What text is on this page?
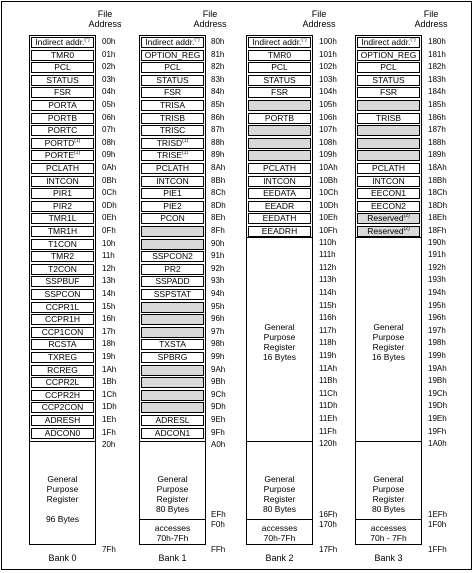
File
Address
Indirect addr.(*)	00h
TMR0	01h
PCL	02h
STATUS	03h
FSR	04h
PORTA	05h
PORTB	06h
PORTC	07h
PORTD$^{(1)}$	08h
PORTE$^{(1)}$	09h
PCLATH	0Ah
INTCON	0Bh
PIR1	0Ch
PIR2	0Dh
TMR1L	0Eh
TMR1H	0Fh
T1CON	10h
TMR2	11h
T2CON	12h
SSPBUF	13h
SSPCON	14h
CCPR1L	15h
CCPR1H	16h
CCP1CON	17h
RCSTA	18h
TXREG	19h
RCREG	1Ah
CCPR2L	1Bh
CCPR2H	1Ch
CCP2CON	1Dh
ADRESH	1Eh
ADCON0	1Fh
20h
General
Purpose
Register

96 Bytes
7Fh
Bank 0
File
Address
Indirect addr.(*)	80h
OPTION_REG	81h
PCL	82h
STATUS	83h
FSR	84h
TRISA	85h
TRISB	86h
TRISC	87h
TRISD$^{(1)}$	88h
TRISE$^{(1)}$	89h
PCLATH	8Ah
INTCON	8Bh
PIE1	8Ch
PIE2	8Dh
PCON	8Eh
8Fh
90h
SSPCON2	91h
PR2	92h
SSPADD	93h
SSPSTAT	94h
95h
96h
97h
TXSTA	98h
SPBRG	99h
9Ah
9Bh
9Ch
9Dh
ADRESL	9Eh
ADCON1	9Fh
A0h
General
Purpose
Register
80 Bytes
EFh
F0h
accesses
70h-7Fh
FFh
Bank 1
File
Address
Indirect addr.(*)	100h
TMR0	101h
PCL	102h
STATUS	103h
FSR	104h
105h
PORTB	106h
107h
108h
109h
PCLATH	10Ah
INTCON	10Bh
EEDATA	10Ch
EEADR	10Dh
EEDATH	10Eh
EEADRH	10Fh
110h
111h
112h
113h
114h
115h
116h
117h
118h
119h
11Ah
11Bh
11Ch
11Dh
11Eh
11Fh
120h
General
Purpose
Register
16 Bytes
General
Purpose
Register
80 Bytes
16Fh
170h
accesses
70h-7Fh
17Fh
Bank 2
File
Address
Indirect addr.(*)	180h
OPTION_REG	181h
PCL	182h
STATUS	183h
FSR	184h
185h
TRISB	186h
187h
188h
189h
PCLATH	18Ah
INTCON	18Bh
EECON1	18Ch
EECON2	18Dh
Reserved$^{(2)}$	18Eh
Reserved$^{(2)}$	18Fh
190h
191h
192h
193h
194h
195h
196h
197h
198h
199h
19Ah
19Bh
19Ch
19Dh
19Eh
19Fh
1A0h
General
Purpose
Register
16 Bytes
General
Purpose
Register
80 Bytes
1EFh
1F0h
accesses
70h - 7Fh
1FFh
Bank 3
